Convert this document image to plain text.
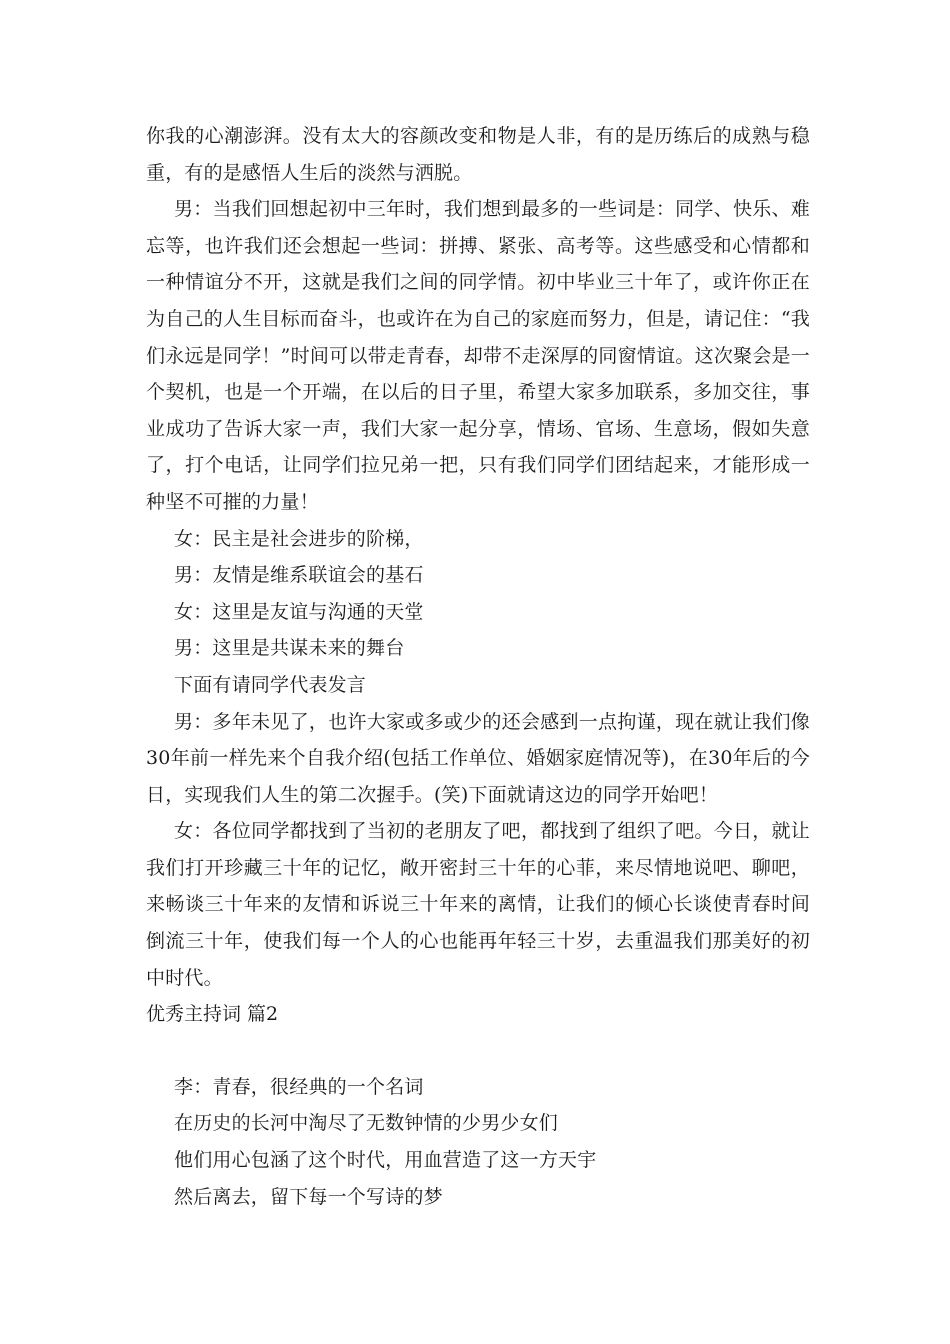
你我的心潮澎湃。没有太大的容颜改变和物是人非，有的是历练后的成熟与稳重，有的是感悟人生后的淡然与洒脱。

男：当我们回想起初中三年时，我们想到最多的一些词是：同学、快乐、难忘等，也许我们还会想起一些词：拼搏、紧张、高考等。这些感受和心情都和一种情谊分不开，这就是我们之间的同学情。初中毕业三十年了，或许你正在为自己的人生目标而奋斗，也或许在为自己的家庭而努力，但是，请记住：“我们永远是同学！”时间可以带走青春，却带不走深厚的同窗情谊。这次聚会是一个契机，也是一个开端，在以后的日子里，希望大家多加联系，多加交往，事业成功了告诉大家一声，我们大家一起分享，情场、官场、生意场，假如失意了，打个电话，让同学们拉兄弟一把，只有我们同学们团结起来，才能形成一种坚不可摧的力量！

女：民主是社会进步的阶梯，

男：友情是维系联谊会的基石

女：这里是友谊与沟通的天堂

男：这里是共谋未来的舞台

下面有请同学代表发言

男：多年未见了，也许大家或多或少的还会感到一点拘谨，现在就让我们像30年前一样先来个自我介绍(包括工作单位、婚姻家庭情况等)，在30年后的今日，实现我们人生的第二次握手。(笑)下面就请这边的同学开始吧！

女：各位同学都找到了当初的老朋友了吧，都找到了组织了吧。今日，就让我们打开珍藏三十年的记忆，敞开密封三十年的心菲，来尽情地说吧、聊吧，来畅谈三十年来的友情和诉说三十年来的离情，让我们的倾心长谈使青春时间倒流三十年，使我们每一个人的心也能再年轻三十岁，去重温我们那美好的初中时代。

优秀主持词 篇2

李：青春，很经典的一个名词

在历史的长河中淘尽了无数钟情的少男少女们

他们用心包涵了这个时代，用血营造了这一方天宇

然后离去，留下每一个写诗的梦
